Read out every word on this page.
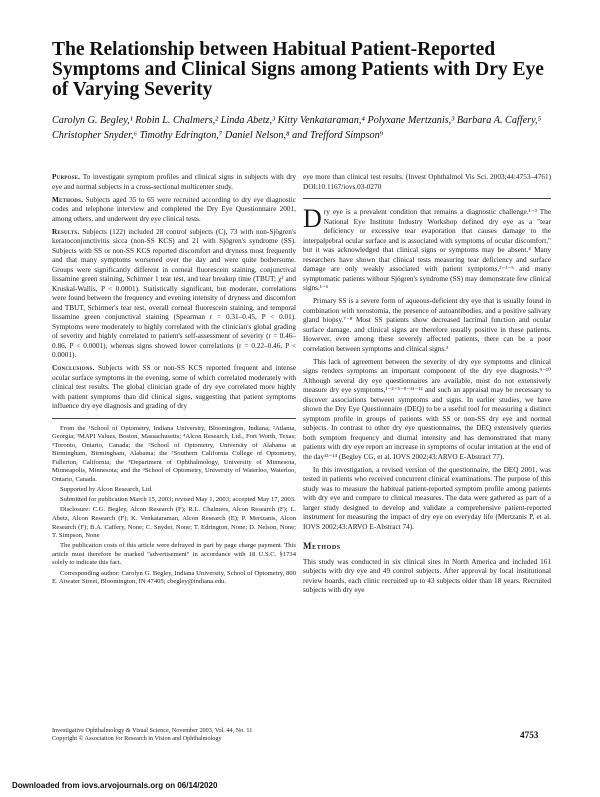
The Relationship between Habitual Patient-Reported Symptoms and Clinical Signs among Patients with Dry Eye of Varying Severity
Carolyn G. Begley,¹ Robin L. Chalmers,² Linda Abetz,³ Kitty Venkataraman,⁴ Polyxane Mertzanis,³ Barbara A. Caffery,⁵ Christopher Snyder,⁶ Timothy Edrington,⁷ Daniel Nelson,⁸ and Trefford Simpson⁹

Purpose. To investigate symptom profiles and clinical signs in subjects with dry eye and normal subjects in a cross-sectional multicenter study.

Methods. Subjects aged 35 to 65 were recruited according to dry eye diagnostic codes and telephone interview and completed the Dry Eye Questionnaire 2001, among others, and underwent dry eye clinical tests.

Results. Subjects (122) included 28 control subjects (C), 73 with non-Sjögren's keratoconjunctivitis sicca (non-SS KCS) and 21 with Sjögren's syndrome (SS). Subjects with SS or non-SS KCS reported discomfort and dryness most frequently and that many symptoms worsened over the day and were quite bothersome. Groups were significantly different in corneal fluorescein staining, conjunctival lissamine green staining, Schirmer 1 tear test, and tear breakup time (TBUT; χ² and Kruskal-Wallis, P < 0.0001). Statistically significant, but moderate, correlations were found between the frequency and evening intensity of dryness and discomfort and TBUT, Schirmer's tear test, overall corneal fluorescein staining, and temporal lissamine green conjunctival staining (Spearman r = 0.31–0.45, P < 0.01). Symptoms were moderately to highly correlated with the clinician's global grading of severity and highly correlated to patient's self-assessment of severity (r = 0.46–0.86, P < 0.0001), whereas signs showed lower correlations (r = 0.22–0.46, P < 0.0001).

Conclusions. Subjects with SS or non-SS KCS reported frequent and intense ocular surface symptoms in the evening, some of which correlated moderately with clinical test results. The global clinician grade of dry eye correlated more highly with patient symptoms than did clinical signs, suggesting that patient symptoms influence dry eye diagnosis and grading of dry

From the ¹School of Optometry, Indiana University, Bloomington, Indiana; ²Atlanta, Georgia; ³MAPI Values, Boston, Massachusetts; ⁴Alcon Research, Ltd., Fort Worth, Texas; ⁵Toronto, Ontario, Canada; the ⁶School of Optometry, University of Alabama at Birmingham, Birmingham, Alabama; the ⁷Southern California College of Optometry, Fullerton, California; the ⁸Department of Ophthalmology, University of Minnesota, Minneapolis, Minnesota; and the ⁹School of Optometry, University of Waterloo, Waterloo, Ontario, Canada.

Supported by Alcon Research, Ltd.

Submitted for publication March 15, 2003; revised May 1, 2003; accepted May 17, 2003.

Disclosure: C.G. Begley, Alcon Research (F); R.L. Chalmers, Alcon Research (F); L. Abetz, Alcon Research (F); K. Venkataraman, Alcon Research (E); P. Mertzanis, Alcon Research (F); B.A. Caffery, None; C. Snyder, None; T. Edrington, None; D. Nelson, None; T. Simpson, None

The publication costs of this article were defrayed in part by page charge payment. This article must therefore be marked "advertisement" in accordance with 18 U.S.C. §1734 solely to indicate this fact.

Corresponding author: Carolyn G. Begley, Indiana University, School of Optometry, 800 E. Atwater Street, Bloomington, IN 47405; cbegley@indiana.edu.

eye more than clinical test results. (Invest Ophthalmol Vis Sci. 2003;44:4753–4761) DOI:10.1167/iovs.03-0270

Dry eye is a prevalent condition that remains a diagnostic challenge.¹⁻³ The National Eye Institute Industry Workshop defined dry eye as a "tear deficiency or excessive tear evaporation that causes damage to the interpalpebral ocular surface and is associated with symptoms of ocular discomfort," but it was acknowledged that clinical signs or symptoms may be absent.⁴ Many researchers have shown that clinical tests measuring tear deficiency and surface damage are only weakly associated with patient symptoms,²⁻³⁻⁵ and many symptomatic patients without Sjögren's syndrome (SS) may demonstrate few clinical signs.¹⁻⁶

Primary SS is a severe form of aqueous-deficient dry eye that is usually found in combination with xerostomia, the presence of autoantibodies, and a positive salivary gland biopsy.⁷⁻⁸ Most SS patients show decreased lacrimal function and ocular surface damage, and clinical signs are therefore usually positive in these patients. However, even among these severely affected patients, there can be a poor correlation between symptoms and clinical signs.⁵

This lack of agreement between the severity of dry eye symptoms and clinical signs renders symptoms an important component of the dry eye diagnosis.⁹⁻¹⁰ Although several dry eye questionnaires are available, most do not extensively measure dry eye symptoms,¹⁻³⁻⁵⁻⁸⁻¹¹⁻¹² and such an appraisal may be necessary to discover associations between symptoms and signs. In earlier studies, we have shown the Dry Eye Questionnaire (DEQ) to be a useful tool for measuring a distinct symptom profile in groups of patients with SS or non-SS dry eye and normal subjects. In contrast to other dry eye questionnaires, the DEQ extensively queries both symptom frequency and diurnal intensity and has demonstrated that many patients with dry eye report an increase in symptoms of ocular irritation at the end of the day¹³⁻¹⁴ (Begley CG, et al. IOVS 2002;43:ARVO E-Abstract 77).

In this investigation, a revised version of the questionnaire, the DEQ 2001, was tested in patients who received concurrent clinical examinations. The purpose of this study was to measure the habitual patient-reported symptom profile among patients with dry eye and compare to clinical measures. The data were gathered as part of a larger study designed to develop and validate a comprehensive patient-reported instrument for measuring the impact of dry eye on everyday life (Mertzanis P, et al. IOVS 2002;43:ARVO E-Abstract 74).

Methods

This study was conducted in six clinical sites in North America and included 161 subjects with dry eye and 49 control subjects. After approval by local institutional review boards, each clinic recruited up to 43 subjects older than 18 years. Recruited subjects with dry eye

Investigative Ophthalmology & Visual Science, November 2003, Vol. 44, No. 11
Copyright © Association for Research in Vision and Ophthalmology	4753
Downloaded from iovs.arvojournals.org on 06/14/2020
